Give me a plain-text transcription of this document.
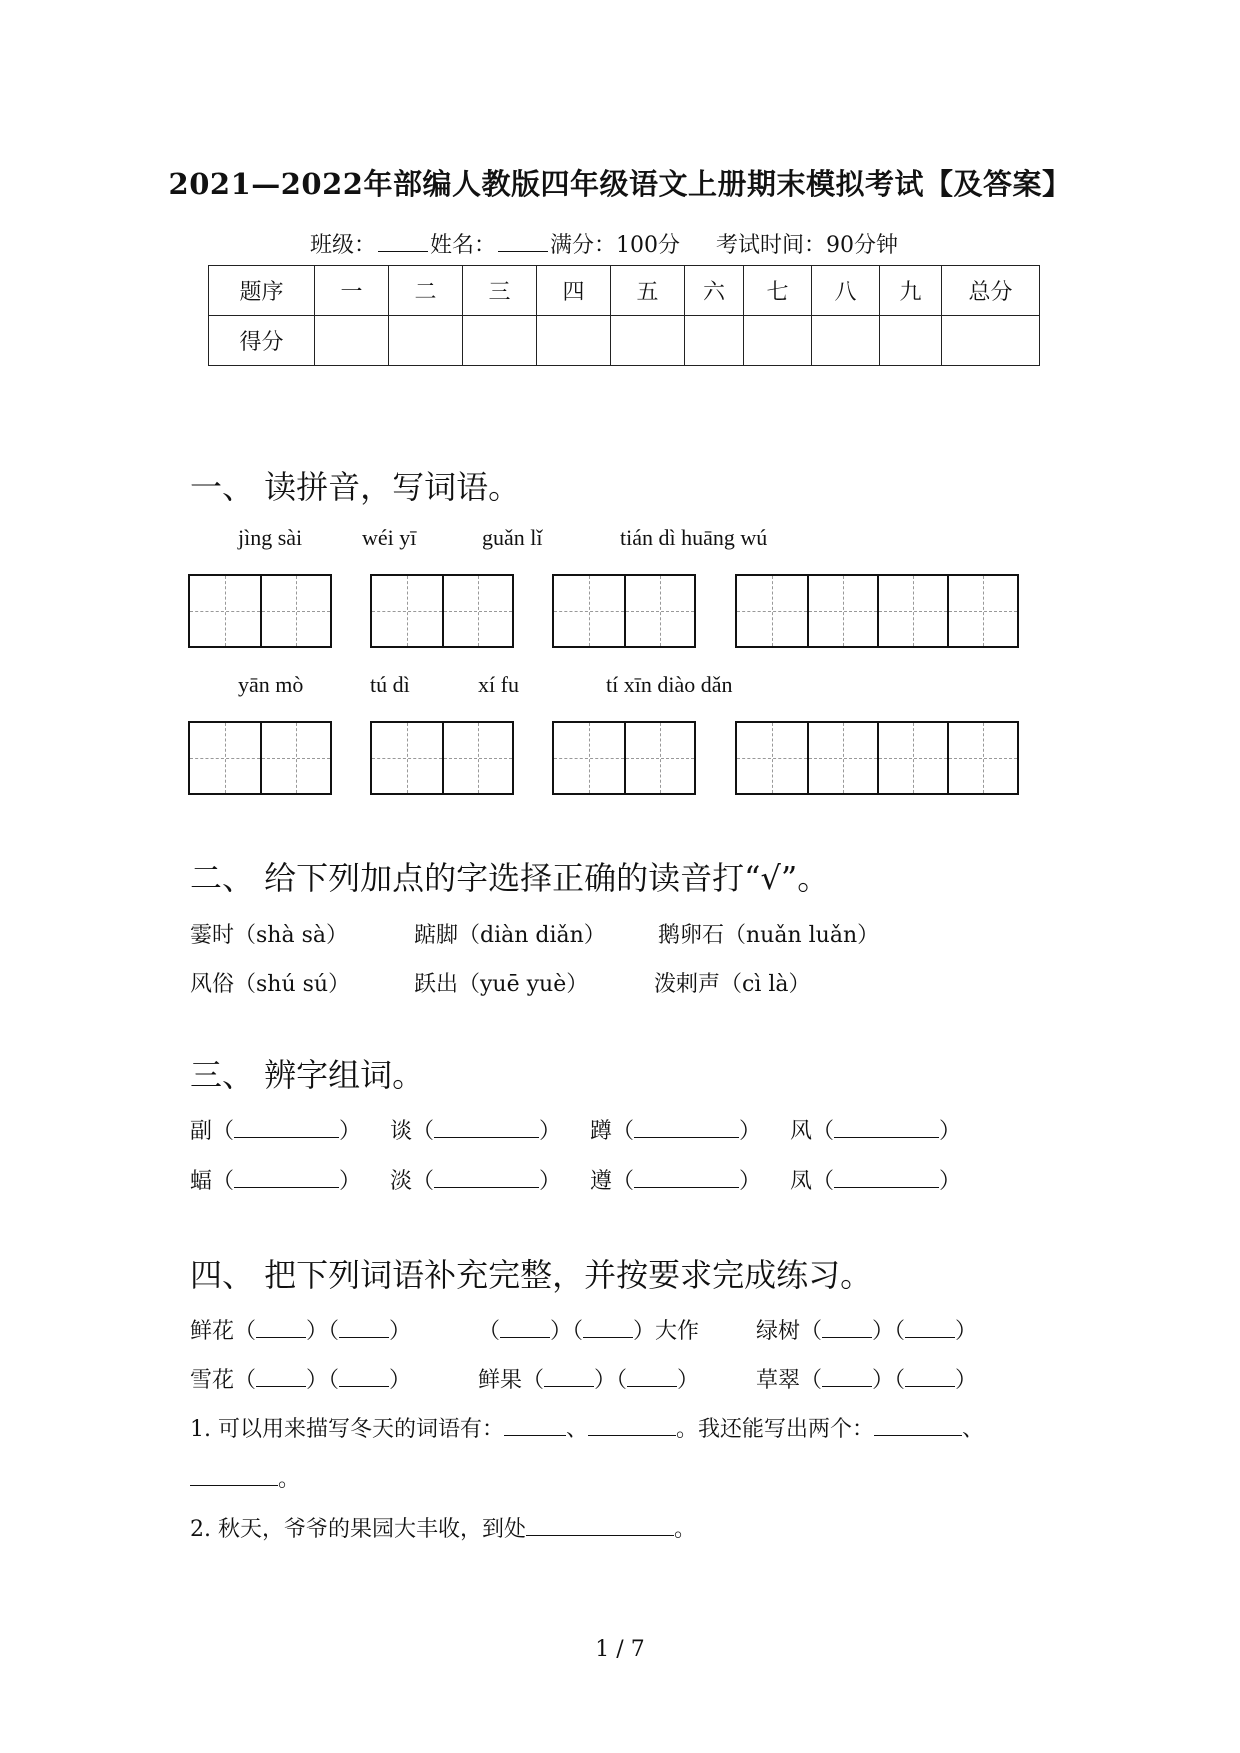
2021—2022年部编人教版四年级语文上册期末模拟考试【及答案】
班级： 姓名： 满分：100分 考试时间：90分钟
题序	一	二	三	四	五	六	七	八	九	总分
得分										
一、 读拼音，写词语。
jìng sài	wéi yī	guǎn lǐ	tián dì huāng wú
yān mò	tú dì	xí fu	tí xīn diào dǎn
二、 给下列加点的字选择正确的读音打“√”。
霎时（shà sà）	踮脚（diàn diǎn） 鹅卵石（nuǎn luǎn）
风俗（shú sú）	跃出（yuē yuè）	泼剌声（cì là）
三、 辨字组词。
副（	） 谈（	） 蹲（	） 风（	）
蝠（	） 淡（	） 遵（	） 凤（	）
四、 把下列词语补充完整，并按要求完成练习。
鲜花（ ）（ ）	（ ）（ ）大作	绿树（ ）（ ）
雪花（ ）（ ）	鲜果（ ）（ ）	草翠（ ）（ ）
1. 可以用来描写冬天的词语有：	、	。我还能写出两个：	、
。
2. 秋天，爷爷的果园大丰收，到处	。
1 / 7
